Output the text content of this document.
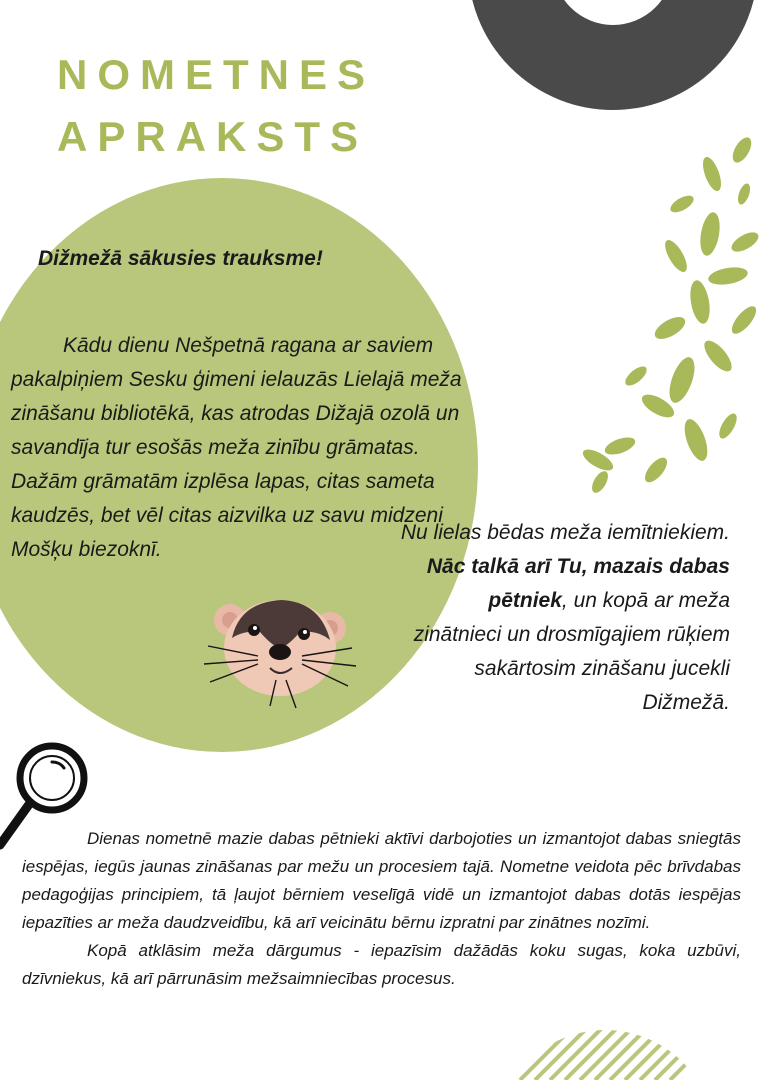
NOMETNES
APRAKSTS

Dižmežā sākusies trauksme!

Kādu dienu Nešpetnā ragana ar saviem pakalpiņiem Sesku ģimeni ielauzās Lielajā meža zināšanu bibliotēkā, kas atrodas Dižajā ozolā un savandīja tur esošās meža zinību grāmatas. Dažām grāmatām izplēsa lapas, citas sameta kaudzēs, bet vēl citas aizvilka uz savu midzeni Mošķu biezoknī.

Nu lielas bēdas meža iemītniekiem. Nāc talkā arī Tu, mazais dabas pētniek, un kopā ar meža zinātnieci un drosmīgajiem rūķiem sakārtosim zināšanu jucekli Dižmežā.

Dienas nometnē mazie dabas pētnieki aktīvi darbojoties un izmantojot dabas sniegtās iespējas, iegūs jaunas zināšanas par mežu un procesiem tajā. Nometne veidota pēc brīvdabas pedagoģijas principiem, tā ļaujot bērniem veselīgā vidē un izmantojot dabas dotās iespējas iepazīties ar meža daudzveidību, kā arī veicinātu bērnu izpratni par zinātnes nozīmi.

Kopā atklāsim meža dārgumus - iepazīsim dažādās koku sugas, koka uzbūvi, dzīvniekus, kā arī pārrunāsim mežsaimniecības procesus.
